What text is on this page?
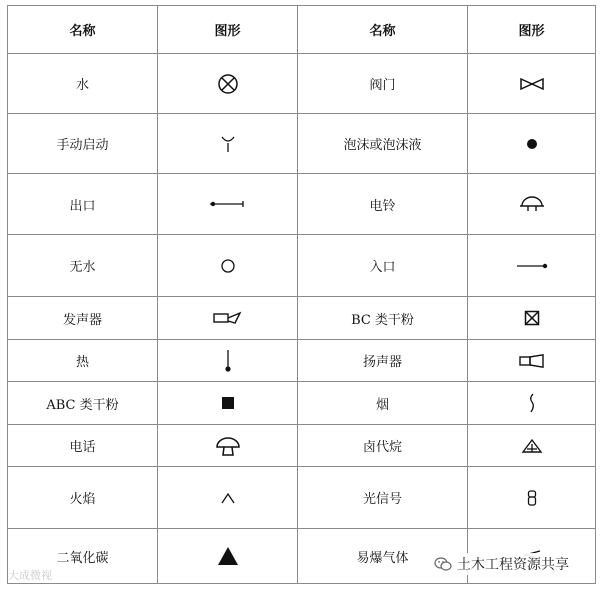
名称	图形	名称	图形
水		阀门	

手动启动		泡沫或泡沫液	

出口		电铃	

无水		入口	

发声器		BC 类干粉	

热		扬声器	

ABC 类干粉		烟	

电话		卤代烷	

火焰		光信号	

二氧化碳		易爆气体	
大成微视
土木工程资源共享
